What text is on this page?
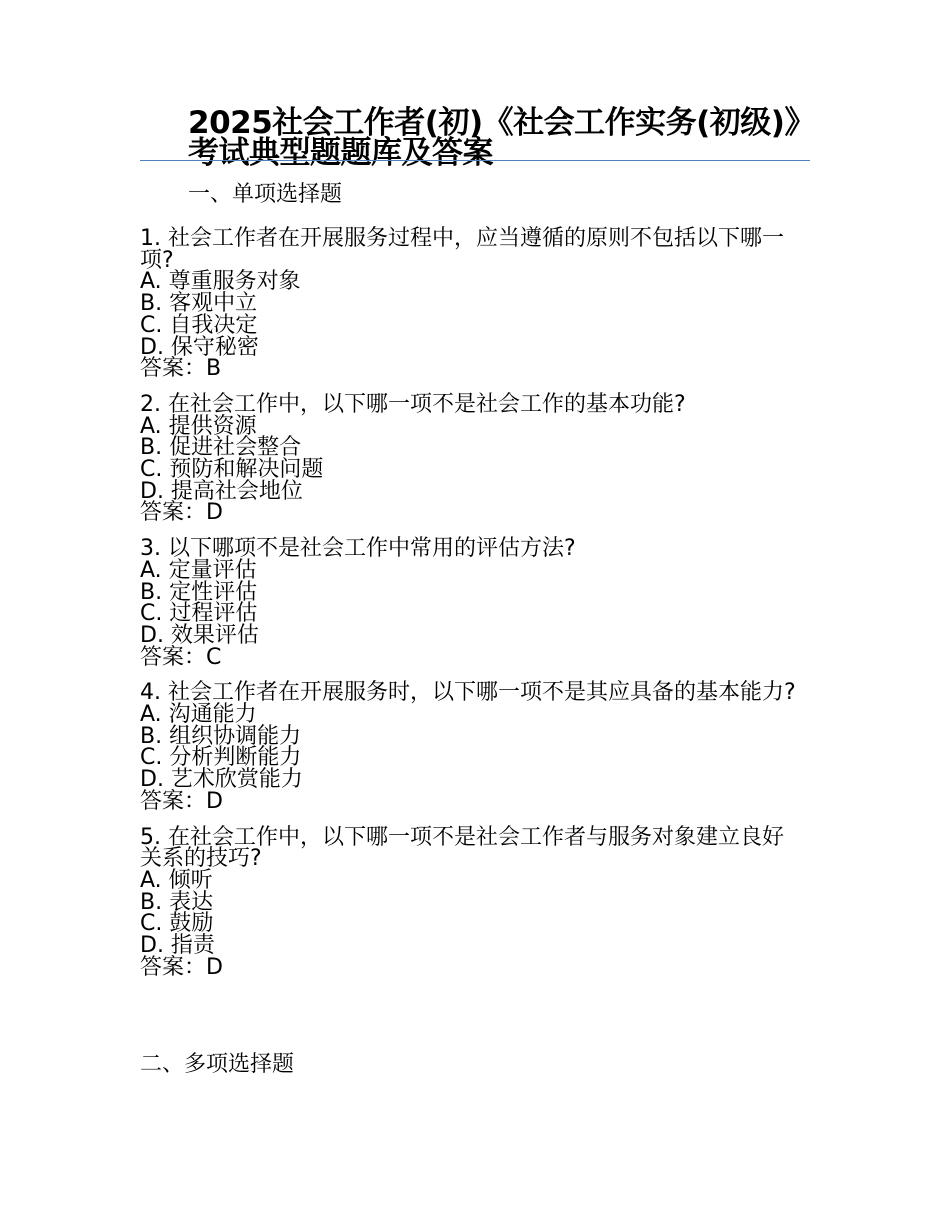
2025社会工作者(初)《社会工作实务(初级)》考试典型题题库及答案
一、单项选择题
1. 社会工作者在开展服务过程中，应当遵循的原则不包括以下哪一项?
A. 尊重服务对象
B. 客观中立
C. 自我决定
D. 保守秘密
答案：B
2. 在社会工作中，以下哪一项不是社会工作的基本功能?
A. 提供资源
B. 促进社会整合
C. 预防和解决问题
D. 提高社会地位
答案：D
3. 以下哪项不是社会工作中常用的评估方法?
A. 定量评估
B. 定性评估
C. 过程评估
D. 效果评估
答案：C
4. 社会工作者在开展服务时，以下哪一项不是其应具备的基本能力?
A. 沟通能力
B. 组织协调能力
C. 分析判断能力
D. 艺术欣赏能力
答案：D
5. 在社会工作中，以下哪一项不是社会工作者与服务对象建立良好关系的技巧?
A. 倾听
B. 表达
C. 鼓励
D. 指责
答案：D
二、多项选择题
